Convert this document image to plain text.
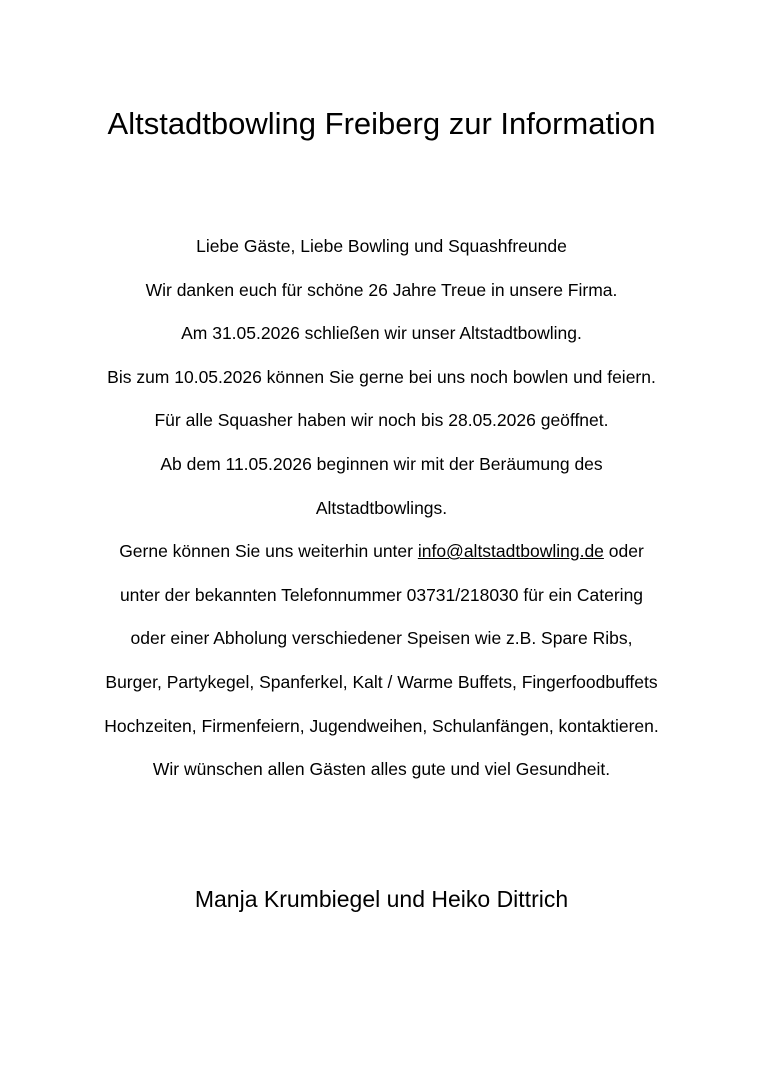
Altstadtbowling Freiberg zur Information
Liebe Gäste, Liebe Bowling und Squashfreunde
Wir danken euch für schöne 26 Jahre Treue in unsere Firma.
Am 31.05.2026 schließen wir unser Altstadtbowling.
Bis zum 10.05.2026 können Sie gerne bei uns noch bowlen und feiern.
Für alle Squasher haben wir noch bis 28.05.2026 geöffnet.
Ab dem 11.05.2026 beginnen wir mit der Beräumung des
Altstadtbowlings.
Gerne können Sie uns weiterhin unter info@altstadtbowling.de oder
unter der bekannten Telefonnummer 03731/218030 für ein Catering
oder einer Abholung verschiedener Speisen wie z.B. Spare Ribs,
Burger, Partykegel, Spanferkel, Kalt / Warme Buffets, Fingerfoodbuffets
Hochzeiten, Firmenfeiern, Jugendweihen, Schulanfängen, kontaktieren.
Wir wünschen allen Gästen alles gute und viel Gesundheit.
Manja Krumbiegel und Heiko Dittrich
